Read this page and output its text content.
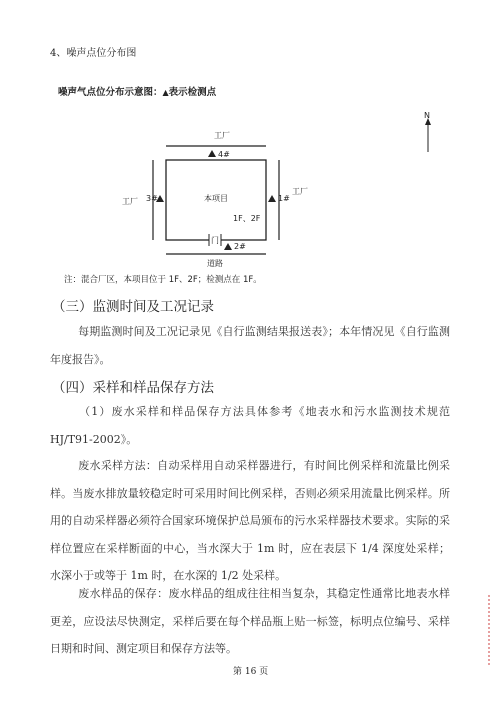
4、噪声点位分布图

噪声气点位分布示意图：▲表示检测点

N
工厂
工厂
工厂
本项目
1F、2F
门
4#
3#	1#
2#
道路

注：混合厂区，本项目位于 1F、2F；检测点在 1F。

（三）监测时间及工况记录

每期监测时间及工况记录见《自行监测结果报送表》；本年情况见《自行监测年度报告》。

（四）采样和样品保存方法

（1）废水采样和样品保存方法具体参考《地表水和污水监测技术规范HJ/T91-2002》。

废水采样方法：自动采样用自动采样器进行，有时间比例采样和流量比例采样。当废水排放量较稳定时可采用时间比例采样，否则必须采用流量比例采样。所用的自动采样器必须符合国家环境保护总局颁布的污水采样器技术要求。实际的采样位置应在采样断面的中心，当水深大于 1m 时，应在表层下 1/4 深度处采样；水深小于或等于 1m 时，在水深的 1/2 处采样。

废水样品的保存：废水样品的组成往往相当复杂，其稳定性通常比地表水样更差，应设法尽快测定，采样后要在每个样品瓶上贴一标签，标明点位编号、采样日期和时间、测定项目和保存方法等。

第 16 页
